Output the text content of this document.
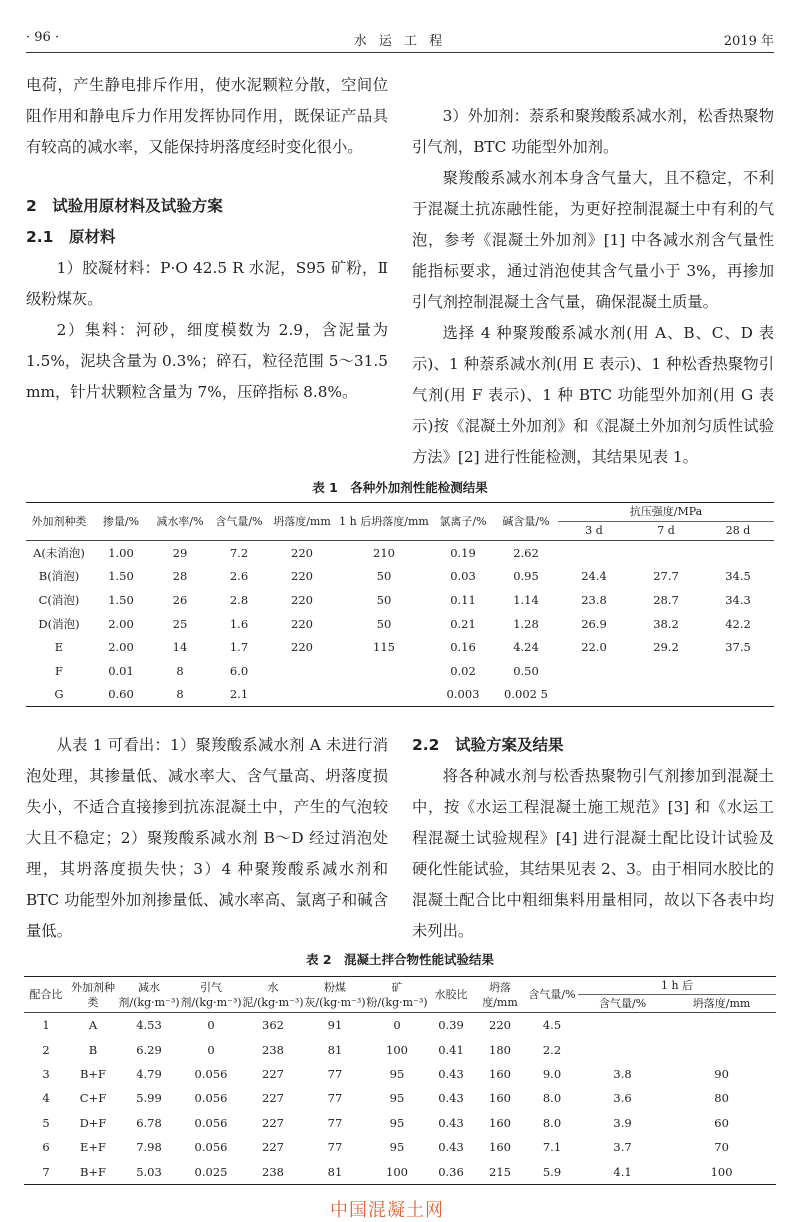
· 96 ·	水 运 工 程	2019 年

电荷，产生静电排斥作用，使水泥颗粒分散，空间位阻作用和静电斥力作用发挥协同作用，既保证产品具有较高的减水率，又能保持坍落度经时变化很小。

2　试验用原材料及试验方案

2.1　原材料

1）胶凝材料：P·O 42.5 R 水泥，S95 矿粉，Ⅱ级粉煤灰。

2）集料：河砂，细度模数为 2.9，含泥量为 1.5%，泥块含量为 0.3%；碎石，粒径范围 5～31.5 mm，针片状颗粒含量为 7%，压碎指标 8.8%。

3）外加剂：萘系和聚羧酸系减水剂，松香热聚物引气剂，BTC 功能型外加剂。

聚羧酸系减水剂本身含气量大，且不稳定，不利于混凝土抗冻融性能，为更好控制混凝土中有利的气泡，参考《混凝土外加剂》[1] 中各减水剂含气量性能指标要求，通过消泡使其含气量小于 3%，再掺加引气剂控制混凝土含气量，确保混凝土质量。

选择 4 种聚羧酸系减水剂(用 A、B、C、D 表示)、1 种萘系减水剂(用 E 表示)、1 种松香热聚物引气剂(用 F 表示)、1 种 BTC 功能型外加剂(用 G 表示)按《混凝土外加剂》和《混凝土外加剂匀质性试验方法》[2] 进行性能检测，其结果见表 1。

表 1　各种外加剂性能检测结果
外加剂种类	掺量/%	减水率/%	含气量/%	坍落度/mm	1 h 后坍落度/mm	氯离子/%	碱含量/%	抗压强度/MPa		
								3 d	7 d	28 d
A(未消泡)	1.00	29	7.2	220	210	0.19	2.62			
B(消泡)	1.50	28	2.6	220	50	0.03	0.95	24.4	27.7	34.5
C(消泡)	1.50	26	2.8	220	50	0.11	1.14	23.8	28.7	34.3
D(消泡)	2.00	25	1.6	220	50	0.21	1.28	26.9	38.2	42.2
E	2.00	14	1.7	220	115	0.16	4.24	22.0	29.2	37.5
F	0.01	8	6.0			0.02	0.50			
G	0.60	8	2.1			0.003	0.002 5			

从表 1 可看出：1）聚羧酸系减水剂 A 未进行消泡处理，其掺量低、减水率大、含气量高、坍落度损失小，不适合直接掺到抗冻混凝土中，产生的气泡较大且不稳定；2）聚羧酸系减水剂 B～D 经过消泡处理，其坍落度损失快；3）4 种聚羧酸系减水剂和 BTC 功能型外加剂掺量低、减水率高、氯离子和碱含量低。

2.2　试验方案及结果

将各种减水剂与松香热聚物引气剂掺加到混凝土中，按《水运工程混凝土施工规范》[3] 和《水运工程混凝土试验规程》[4] 进行混凝土配比设计试验及硬化性能试验，其结果见表 2、3。由于相同水胶比的混凝土配合比中粗细集料用量相同，故以下各表中均未列出。

表 2　混凝土拌合物性能试验结果
配合比	外加剂种类	减水剂/(kg·m⁻³)	引气剂/(kg·m⁻³)	水泥/(kg·m⁻³)	粉煤灰/(kg·m⁻³)	矿粉/(kg·m⁻³)	水胶比	坍落度/mm	含气量/%	1 h 后	
										含气量/%	坍落度/mm
1	A	4.53	0	362	91	0	0.39	220	4.5		
2	B	6.29	0	238	81	100	0.41	180	2.2		
3	B+F	4.79	0.056	227	77	95	0.43	160	9.0	3.8	90
4	C+F	5.99	0.056	227	77	95	0.43	160	8.0	3.6	80
5	D+F	6.78	0.056	227	77	95	0.43	160	8.0	3.9	60
6	E+F	7.98	0.056	227	77	95	0.43	160	7.1	3.7	70
7	B+F	5.03	0.025	238	81	100	0.36	215	5.9	4.1	100
中国混凝土网
